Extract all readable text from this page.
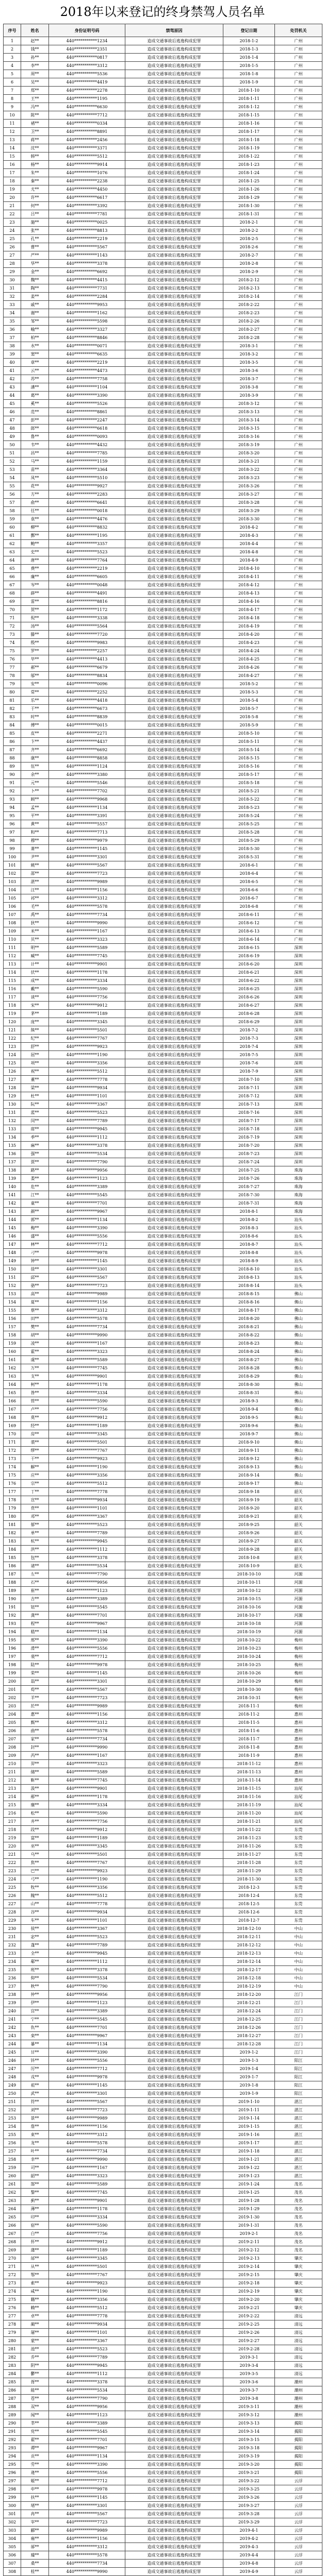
2018年以来登记的终身禁驾人员名单
序号	姓名	身份证明号码	禁驾原因	登记日期	处罚机关
1	赵**	440***********1234	造成交通事故后逃逸构成犯罪	2018-1-2	广州
2	钱**	440***********2351	造成交通事故后逃逸构成犯罪	2018-1-3	广州
3	孙**	440***********0817	造成交通事故后逃逸构成犯罪	2018-1-4	广州
4	李**	440***********3312	造成交通事故后逃逸构成犯罪	2018-1-5	广州
5	周**	440***********5536	造成交通事故后逃逸构成犯罪	2018-1-8	广州
6	吴**	440***********4419	造成交通事故后逃逸构成犯罪	2018-1-9	广州
7	郑**	440***********2278	造成交通事故后逃逸构成犯罪	2018-1-10	广州
8	王**	440***********1195	造成交通事故后逃逸构成犯罪	2018-1-11	广州
9	冯**	440***********6630	造成交通事故后逃逸构成犯罪	2018-1-12	广州
10	陈**	440***********7712	造成交通事故后逃逸构成犯罪	2018-1-15	广州
11	褚**	440***********0334	造成交通事故后逃逸构成犯罪	2018-1-16	广州
12	卫**	440***********8891	造成交通事故后逃逸构成犯罪	2018-1-17	广州
13	蒋**	440***********2456	造成交通事故后逃逸构成犯罪	2018-1-18	广州
14	沈**	440***********3371	造成交通事故后逃逸构成犯罪	2018-1-19	广州
15	韩**	440***********5512	造成交通事故后逃逸构成犯罪	2018-1-22	广州
16	杨**	440***********9914	造成交通事故后逃逸构成犯罪	2018-1-23	广州
17	朱**	440***********1076	造成交通事故后逃逸构成犯罪	2018-1-24	广州
18	秦**	440***********2238	造成交通事故后逃逸构成犯罪	2018-1-25	广州
19	尤**	440***********4450	造成交通事故后逃逸构成犯罪	2018-1-26	广州
20	许**	440***********6617	造成交通事故后逃逸构成犯罪	2018-1-29	广州
21	何**	440***********3392	造成交通事故后逃逸构成犯罪	2018-1-30	广州
22	吕**	440***********7781	造成交通事故后逃逸构成犯罪	2018-1-31	广州
23	施**	440***********0025	造成交通事故后逃逸构成犯罪	2018-2-1	广州
24	张**	440***********8813	造成交通事故后逃逸构成犯罪	2018-2-2	广州
25	孔**	440***********2219	造成交通事故后逃逸构成犯罪	2018-2-5	广州
26	曹**	440***********5567	造成交通事故后逃逸构成犯罪	2018-2-6	广州
27	严**	440***********1143	造成交通事故后逃逸构成犯罪	2018-2-7	广州
28	华**	440***********3378	造成交通事故后逃逸构成犯罪	2018-2-8	广州
29	金**	440***********6692	造成交通事故后逃逸构成犯罪	2018-2-9	广州
30	魏**	440***********4415	造成交通事故后逃逸构成犯罪	2018-2-12	广州
31	陶**	440***********7731	造成交通事故后逃逸构成犯罪	2018-2-13	广州
32	姜**	440***********2284	造成交通事故后逃逸构成犯罪	2018-2-14	广州
33	戚**	440***********9953	造成交通事故后逃逸构成犯罪	2018-2-22	广州
34	谢**	440***********1162	造成交通事故后逃逸构成犯罪	2018-2-23	广州
35	邹**	440***********5598	造成交通事故后逃逸构成犯罪	2018-2-26	广州
36	喻**	440***********3327	造成交通事故后逃逸构成犯罪	2018-2-27	广州
37	柏**	440***********8846	造成交通事故后逃逸构成犯罪	2018-2-28	广州
38	水**	440***********0071	造成交通事故后逃逸构成犯罪	2018-3-1	广州
39	窦**	440***********6635	造成交通事故后逃逸构成犯罪	2018-3-2	广州
40	章**	440***********2219	造成交通事故后逃逸构成犯罪	2018-3-5	广州
41	云**	440***********4473	造成交通事故后逃逸构成犯罪	2018-3-6	广州
42	苏**	440***********7758	造成交通事故后逃逸构成犯罪	2018-3-7	广州
43	潘**	440***********1104	造成交通事故后逃逸构成犯罪	2018-3-8	广州
44	葛**	440***********3390	造成交通事故后逃逸构成犯罪	2018-3-9	广州
45	奚**	440***********5526	造成交通事故后逃逸构成犯罪	2018-3-12	广州
46	范**	440***********8861	造成交通事故后逃逸构成犯罪	2018-3-13	广州
47	彭**	440***********2247	造成交通事故后逃逸构成犯罪	2018-3-14	广州
48	郎**	440***********6618	造成交通事故后逃逸构成犯罪	2018-3-15	广州
49	鲁**	440***********0093	造成交通事故后逃逸构成犯罪	2018-3-16	广州
50	韦**	440***********4432	造成交通事故后逃逸构成犯罪	2018-3-19	广州
51	昌**	440***********7785	造成交通事故后逃逸构成犯罪	2018-3-20	广州
52	马**	440***********1159	造成交通事故后逃逸构成犯罪	2018-3-21	广州
53	苗**	440***********3364	造成交通事故后逃逸构成犯罪	2018-3-22	广州
54	凤**	440***********5510	造成交通事故后逃逸构成犯罪	2018-3-23	广州
55	花**	440***********9927	造成交通事故后逃逸构成犯罪	2018-3-26	广州
56	方**	440***********2283	造成交通事故后逃逸构成犯罪	2018-3-27	广州
57	俞**	440***********6641	造成交通事故后逃逸构成犯罪	2018-3-28	广州
58	任**	440***********0018	造成交通事故后逃逸构成犯罪	2018-3-29	广州
59	袁**	440***********4476	造成交通事故后逃逸构成犯罪	2018-3-30	广州
60	柳**	440***********8832	造成交通事故后逃逸构成犯罪	2018-4-2	广州
61	酆**	440***********1195	造成交通事故后逃逸构成犯罪	2018-4-3	广州
62	鲍**	440***********3357	造成交通事故后逃逸构成犯罪	2018-4-4	广州
63	史**	440***********5523	造成交通事故后逃逸构成犯罪	2018-4-8	广州
64	唐**	440***********7764	造成交通事故后逃逸构成犯罪	2018-4-9	广州
65	费**	440***********2219	造成交通事故后逃逸构成犯罪	2018-4-10	广州
66	廉**	440***********6605	造成交通事故后逃逸构成犯罪	2018-4-11	广州
67	岑**	440***********0048	造成交通事故后逃逸构成犯罪	2018-4-12	广州
68	薛**	440***********4491	造成交通事故后逃逸构成犯罪	2018-4-13	广州
69	雷**	440***********8816	造成交通事故后逃逸构成犯罪	2018-4-16	广州
70	贺**	440***********1172	造成交通事故后逃逸构成犯罪	2018-4-17	广州
71	倪**	440***********3338	造成交通事故后逃逸构成犯罪	2018-4-18	广州
72	汤**	440***********5564	造成交通事故后逃逸构成犯罪	2018-4-19	广州
73	滕**	440***********7720	造成交通事故后逃逸构成犯罪	2018-4-20	广州
74	殷**	440***********9983	造成交通事故后逃逸构成犯罪	2018-4-23	广州
75	罗**	440***********2257	造成交通事故后逃逸构成犯罪	2018-4-24	广州
76	毕**	440***********4413	造成交通事故后逃逸构成犯罪	2018-4-25	广州
77	郝**	440***********6679	造成交通事故后逃逸构成犯罪	2018-4-26	广州
78	邬**	440***********8834	造成交通事故后逃逸构成犯罪	2018-4-27	广州
79	安**	440***********0096	造成交通事故后逃逸构成犯罪	2018-5-2	广州
80	常**	440***********2252	造成交通事故后逃逸构成犯罪	2018-5-3	广州
81	乐**	440***********4418	造成交通事故后逃逸构成犯罪	2018-5-4	广州
82	于**	440***********6673	造成交通事故后逃逸构成犯罪	2018-5-7	广州
83	时**	440***********8839	造成交通事故后逃逸构成犯罪	2018-5-8	广州
84	傅**	440***********0015	造成交通事故后逃逸构成犯罪	2018-5-9	广州
85	皮**	440***********2271	造成交通事故后逃逸构成犯罪	2018-5-10	广州
86	卞**	440***********4437	造成交通事故后逃逸构成犯罪	2018-5-11	广州
87	齐**	440***********6692	造成交通事故后逃逸构成犯罪	2018-5-14	广州
88	康**	440***********8858	造成交通事故后逃逸构成犯罪	2018-5-15	广州
89	伍**	440***********1124	造成交通事故后逃逸构成犯罪	2018-5-16	广州
90	余**	440***********3380	造成交通事故后逃逸构成犯罪	2018-5-17	广州
91	元**	440***********5546	造成交通事故后逃逸构成犯罪	2018-5-18	广州
92	卜**	440***********7702	造成交通事故后逃逸构成犯罪	2018-5-21	广州
93	顾**	440***********9968	造成交通事故后逃逸构成犯罪	2018-5-22	广州
94	孟**	440***********1134	造成交通事故后逃逸构成犯罪	2018-5-23	广州
95	平**	440***********3391	造成交通事故后逃逸构成犯罪	2018-5-24	广州
96	黄**	440***********5557	造成交通事故后逃逸构成犯罪	2018-5-25	广州
97	和**	440***********7713	造成交通事故后逃逸构成犯罪	2018-5-28	广州
98	穆**	440***********9979	造成交通事故后逃逸构成犯罪	2018-5-29	广州
99	萧**	440***********1145	造成交通事故后逃逸构成犯罪	2018-5-30	广州
100	尹**	440***********3301	造成交通事故后逃逸构成犯罪	2018-5-31	广州
101	姚**	440***********5567	造成交通事故后逃逸构成犯罪	2018-6-1	广州
102	邵**	440***********7723	造成交通事故后逃逸构成犯罪	2018-6-4	广州
103	湛**	440***********9989	造成交通事故后逃逸构成犯罪	2018-6-5	广州
104	汪**	440***********1156	造成交通事故后逃逸构成犯罪	2018-6-6	广州
105	祁**	440***********3312	造成交通事故后逃逸构成犯罪	2018-6-7	广州
106	毛**	440***********5578	造成交通事故后逃逸构成犯罪	2018-6-8	广州
107	禹**	440***********7734	造成交通事故后逃逸构成犯罪	2018-6-11	广州
108	狄**	440***********9990	造成交通事故后逃逸构成犯罪	2018-6-12	广州
109	米**	440***********1167	造成交通事故后逃逸构成犯罪	2018-6-13	广州
110	贝**	440***********3323	造成交通事故后逃逸构成犯罪	2018-6-14	广州
111	明**	440***********5589	造成交通事故后逃逸构成犯罪	2018-6-15	深圳
112	臧**	440***********7745	造成交通事故后逃逸构成犯罪	2018-6-19	深圳
113	计**	440***********9901	造成交通事故后逃逸构成犯罪	2018-6-20	深圳
114	伏**	440***********1178	造成交通事故后逃逸构成犯罪	2018-6-21	深圳
115	成**	440***********3334	造成交通事故后逃逸构成犯罪	2018-6-22	深圳
116	戴**	440***********5590	造成交通事故后逃逸构成犯罪	2018-6-25	深圳
117	谈**	440***********7756	造成交通事故后逃逸构成犯罪	2018-6-26	深圳
118	宋**	440***********9912	造成交通事故后逃逸构成犯罪	2018-6-27	深圳
119	茅**	440***********1189	造成交通事故后逃逸构成犯罪	2018-6-28	深圳
120	庞**	440***********3345	造成交通事故后逃逸构成犯罪	2018-6-29	深圳
121	熊**	440***********5501	造成交通事故后逃逸构成犯罪	2018-7-2	深圳
122	纪**	440***********7767	造成交通事故后逃逸构成犯罪	2018-7-3	深圳
123	舒**	440***********9923	造成交通事故后逃逸构成犯罪	2018-7-4	深圳
124	屈**	440***********1190	造成交通事故后逃逸构成犯罪	2018-7-5	深圳
125	项**	440***********3356	造成交通事故后逃逸构成犯罪	2018-7-6	深圳
126	祝**	440***********5512	造成交通事故后逃逸构成犯罪	2018-7-9	深圳
127	董**	440***********7778	造成交通事故后逃逸构成犯罪	2018-7-10	深圳
128	梁**	440***********9934	造成交通事故后逃逸构成犯罪	2018-7-11	深圳
129	杜**	440***********1101	造成交通事故后逃逸构成犯罪	2018-7-12	深圳
130	阮**	440***********3367	造成交通事故后逃逸构成犯罪	2018-7-13	深圳
131	蓝**	440***********5523	造成交通事故后逃逸构成犯罪	2018-7-16	深圳
132	闵**	440***********7789	造成交通事故后逃逸构成犯罪	2018-7-17	深圳
133	席**	440***********9945	造成交通事故后逃逸构成犯罪	2018-7-18	深圳
134	季**	440***********1112	造成交通事故后逃逸构成犯罪	2018-7-19	深圳
135	麻**	440***********3378	造成交通事故后逃逸构成犯罪	2018-7-20	深圳
136	强**	440***********5534	造成交通事故后逃逸构成犯罪	2018-7-23	深圳
137	贾**	440***********7790	造成交通事故后逃逸构成犯罪	2018-7-24	深圳
138	路**	440***********9956	造成交通事故后逃逸构成犯罪	2018-7-25	珠海
139	娄**	440***********1123	造成交通事故后逃逸构成犯罪	2018-7-26	珠海
140	危**	440***********3389	造成交通事故后逃逸构成犯罪	2018-7-27	珠海
141	江**	440***********5545	造成交通事故后逃逸构成犯罪	2018-7-30	珠海
142	童**	440***********7701	造成交通事故后逃逸构成犯罪	2018-7-31	珠海
143	颜**	440***********9967	造成交通事故后逃逸构成犯罪	2018-8-1	珠海
144	郭**	440***********1134	造成交通事故后逃逸构成犯罪	2018-8-2	汕头
145	梅**	440***********3390	造成交通事故后逃逸构成犯罪	2018-8-3	汕头
146	盛**	440***********5556	造成交通事故后逃逸构成犯罪	2018-8-6	汕头
147	林**	440***********7712	造成交通事故后逃逸构成犯罪	2018-8-7	汕头
148	刁**	440***********9978	造成交通事故后逃逸构成犯罪	2018-8-8	汕头
149	钟**	440***********1145	造成交通事故后逃逸构成犯罪	2018-8-9	汕头
150	徐**	440***********3301	造成交通事故后逃逸构成犯罪	2018-8-10	汕头
151	邱**	440***********5567	造成交通事故后逃逸构成犯罪	2018-8-13	汕头
152	骆**	440***********7723	造成交通事故后逃逸构成犯罪	2018-8-14	汕头
153	高**	440***********9989	造成交通事故后逃逸构成犯罪	2018-8-15	佛山
154	夏**	440***********1156	造成交通事故后逃逸构成犯罪	2018-8-16	佛山
155	蔡**	440***********3312	造成交通事故后逃逸构成犯罪	2018-8-17	佛山
156	田**	440***********5578	造成交通事故后逃逸构成犯罪	2018-8-20	佛山
157	樊**	440***********7734	造成交通事故后逃逸构成犯罪	2018-8-21	佛山
158	胡**	440***********9990	造成交通事故后逃逸构成犯罪	2018-8-22	佛山
159	凌**	440***********1167	造成交通事故后逃逸构成犯罪	2018-8-23	佛山
160	霍**	440***********3323	造成交通事故后逃逸构成犯罪	2018-8-24	佛山
161	虞**	440***********5589	造成交通事故后逃逸构成犯罪	2018-8-27	佛山
162	万**	440***********7745	造成交通事故后逃逸构成犯罪	2018-8-28	佛山
163	支**	440***********9901	造成交通事故后逃逸构成犯罪	2018-8-29	佛山
164	柯**	440***********1178	造成交通事故后逃逸构成犯罪	2018-8-30	佛山
165	昝**	440***********3334	造成交通事故后逃逸构成犯罪	2018-8-31	佛山
166	管**	440***********5590	造成交通事故后逃逸构成犯罪	2018-9-3	佛山
167	卢**	440***********7756	造成交通事故后逃逸构成犯罪	2018-9-4	佛山
168	莫**	440***********9912	造成交通事故后逃逸构成犯罪	2018-9-5	佛山
169	经**	440***********1189	造成交通事故后逃逸构成犯罪	2018-9-6	佛山
170	房**	440***********3345	造成交通事故后逃逸构成犯罪	2018-9-7	佛山
171	裘**	440***********5501	造成交通事故后逃逸构成犯罪	2018-9-10	佛山
172	缪**	440***********7767	造成交通事故后逃逸构成犯罪	2018-9-11	佛山
173	干**	440***********9923	造成交通事故后逃逸构成犯罪	2018-9-12	佛山
174	解**	440***********1190	造成交通事故后逃逸构成犯罪	2018-9-13	佛山
175	应**	440***********3356	造成交通事故后逃逸构成犯罪	2018-9-14	佛山
176	宗**	440***********5512	造成交通事故后逃逸构成犯罪	2018-9-17	佛山
177	丁**	440***********7778	造成交通事故后逃逸构成犯罪	2018-9-18	韶关
178	宣**	440***********9934	造成交通事故后逃逸构成犯罪	2018-9-19	韶关
179	贲**	440***********1101	造成交通事故后逃逸构成犯罪	2018-9-20	韶关
180	邓**	440***********3367	造成交通事故后逃逸构成犯罪	2018-9-21	韶关
181	郁**	440***********5523	造成交通事故后逃逸构成犯罪	2018-9-25	韶关
182	单**	440***********7789	造成交通事故后逃逸构成犯罪	2018-9-26	韶关
183	杭**	440***********9945	造成交通事故后逃逸构成犯罪	2018-9-27	韶关
184	洪**	440***********1112	造成交通事故后逃逸构成犯罪	2018-9-28	韶关
185	包**	440***********3378	造成交通事故后逃逸构成犯罪	2018-10-8	韶关
186	诸**	440***********5534	造成交通事故后逃逸构成犯罪	2018-10-9	韶关
187	左**	440***********7790	造成交通事故后逃逸构成犯罪	2018-10-10	河源
188	石**	440***********9956	造成交通事故后逃逸构成犯罪	2018-10-11	河源
189	崔**	440***********1123	造成交通事故后逃逸构成犯罪	2018-10-12	河源
190	吉**	440***********3389	造成交通事故后逃逸构成犯罪	2018-10-15	河源
191	钮**	440***********5545	造成交通事故后逃逸构成犯罪	2018-10-16	河源
192	龚**	440***********7701	造成交通事故后逃逸构成犯罪	2018-10-17	河源
193	程**	440***********9967	造成交通事故后逃逸构成犯罪	2018-10-18	河源
194	嵇**	440***********1134	造成交通事故后逃逸构成犯罪	2018-10-19	河源
195	邢**	440***********3390	造成交通事故后逃逸构成犯罪	2018-10-22	梅州
196	滑**	440***********5556	造成交通事故后逃逸构成犯罪	2018-10-23	梅州
197	裴**	440***********7712	造成交通事故后逃逸构成犯罪	2018-10-24	梅州
198	陆**	440***********9978	造成交通事故后逃逸构成犯罪	2018-10-25	梅州
199	荣**	440***********1145	造成交通事故后逃逸构成犯罪	2018-10-26	梅州
200	翁**	440***********3301	造成交通事故后逃逸构成犯罪	2018-10-29	梅州
201	荀**	440***********5567	造成交通事故后逃逸构成犯罪	2018-10-30	梅州
202	羊**	440***********7723	造成交通事故后逃逸构成犯罪	2018-10-31	梅州
203	於**	440***********9989	造成交通事故后逃逸构成犯罪	2018-11-1	梅州
204	惠**	440***********1156	造成交通事故后逃逸构成犯罪	2018-11-2	惠州
205	甄**	440***********3312	造成交通事故后逃逸构成犯罪	2018-11-5	惠州
206	曲**	440***********5578	造成交通事故后逃逸构成犯罪	2018-11-6	惠州
207	家**	440***********7734	造成交通事故后逃逸构成犯罪	2018-11-7	惠州
208	封**	440***********9990	造成交通事故后逃逸构成犯罪	2018-11-8	惠州
209	芮**	440***********1167	造成交通事故后逃逸构成犯罪	2018-11-9	惠州
210	羿**	440***********3323	造成交通事故后逃逸构成犯罪	2018-11-12	惠州
211	储**	440***********5589	造成交通事故后逃逸构成犯罪	2018-11-13	惠州
212	靳**	440***********7745	造成交通事故后逃逸构成犯罪	2018-11-14	惠州
213	汲**	440***********9901	造成交通事故后逃逸构成犯罪	2018-11-15	汕尾
214	邴**	440***********1178	造成交通事故后逃逸构成犯罪	2018-11-16	汕尾
215	糜**	440***********3334	造成交通事故后逃逸构成犯罪	2018-11-19	汕尾
216	松**	440***********5590	造成交通事故后逃逸构成犯罪	2018-11-20	汕尾
217	井**	440***********7756	造成交通事故后逃逸构成犯罪	2018-11-21	汕尾
218	段**	440***********9912	造成交通事故后逃逸构成犯罪	2018-11-22	东莞
219	富**	440***********1189	造成交通事故后逃逸构成犯罪	2018-11-23	东莞
220	巫**	440***********3345	造成交通事故后逃逸构成犯罪	2018-11-26	东莞
221	乌**	440***********5501	造成交通事故后逃逸构成犯罪	2018-11-27	东莞
222	焦**	440***********7767	造成交通事故后逃逸构成犯罪	2018-11-28	东莞
223	巴**	440***********9923	造成交通事故后逃逸构成犯罪	2018-11-29	东莞
224	弓**	440***********1190	造成交通事故后逃逸构成犯罪	2018-11-30	东莞
225	牧**	440***********3356	造成交通事故后逃逸构成犯罪	2018-12-3	东莞
226	隗**	440***********5512	造成交通事故后逃逸构成犯罪	2018-12-4	东莞
227	山**	440***********7778	造成交通事故后逃逸构成犯罪	2018-12-5	东莞
228	谷**	440***********9934	造成交通事故后逃逸构成犯罪	2018-12-6	东莞
229	车**	440***********1101	造成交通事故后逃逸构成犯罪	2018-12-7	东莞
230	侯**	440***********3367	造成交通事故后逃逸构成犯罪	2018-12-10	中山
231	宓**	440***********5523	造成交通事故后逃逸构成犯罪	2018-12-11	中山
232	蓬**	440***********7789	造成交通事故后逃逸构成犯罪	2018-12-12	中山
233	全**	440***********9945	造成交通事故后逃逸构成犯罪	2018-12-13	中山
234	郗**	440***********1112	造成交通事故后逃逸构成犯罪	2018-12-14	中山
235	班**	440***********3378	造成交通事故后逃逸构成犯罪	2018-12-17	中山
236	仰**	440***********5534	造成交通事故后逃逸构成犯罪	2018-12-18	中山
237	秋**	440***********7790	造成交通事故后逃逸构成犯罪	2018-12-19	中山
238	仲**	440***********9956	造成交通事故后逃逸构成犯罪	2018-12-20	江门
239	伊**	440***********1123	造成交通事故后逃逸构成犯罪	2018-12-21	江门
240	宫**	440***********3389	造成交通事故后逃逸构成犯罪	2018-12-24	江门
241	宁**	440***********5545	造成交通事故后逃逸构成犯罪	2018-12-25	江门
242	仇**	440***********7701	造成交通事故后逃逸构成犯罪	2018-12-26	江门
243	栾**	440***********9967	造成交通事故后逃逸构成犯罪	2018-12-27	江门
244	暴**	440***********1134	造成交通事故后逃逸构成犯罪	2018-12-28	江门
245	甘**	440***********3390	造成交通事故后逃逸构成犯罪	2019-1-2	江门
246	钭**	440***********5556	造成交通事故后逃逸构成犯罪	2019-1-3	阳江
247	厉**	440***********7712	造成交通事故后逃逸构成犯罪	2019-1-4	阳江
248	戎**	440***********9978	造成交通事故后逃逸构成犯罪	2019-1-7	阳江
249	祖**	440***********1145	造成交通事故后逃逸构成犯罪	2019-1-8	阳江
250	武**	440***********3301	造成交通事故后逃逸构成犯罪	2019-1-9	阳江
251	符**	440***********5567	造成交通事故后逃逸构成犯罪	2019-1-10	湛江
252	刘**	440***********7723	造成交通事故后逃逸构成犯罪	2019-1-11	湛江
253	景**	440***********9989	造成交通事故后逃逸构成犯罪	2019-1-14	湛江
254	詹**	440***********1156	造成交通事故后逃逸构成犯罪	2019-1-15	湛江
255	束**	440***********3312	造成交通事故后逃逸构成犯罪	2019-1-16	湛江
256	龙**	440***********5578	造成交通事故后逃逸构成犯罪	2019-1-17	湛江
257	叶**	440***********7734	造成交通事故后逃逸构成犯罪	2019-1-18	湛江
258	幸**	440***********9990	造成交通事故后逃逸构成犯罪	2019-1-21	湛江
259	司**	440***********1167	造成交通事故后逃逸构成犯罪	2019-1-22	湛江
260	韶**	440***********3323	造成交通事故后逃逸构成犯罪	2019-1-23	湛江
261	郜**	440***********5589	造成交通事故后逃逸构成犯罪	2019-1-24	茂名
262	黎**	440***********7745	造成交通事故后逃逸构成犯罪	2019-1-25	茂名
263	蓟**	440***********9901	造成交通事故后逃逸构成犯罪	2019-1-28	茂名
264	薄**	440***********1178	造成交通事故后逃逸构成犯罪	2019-1-29	茂名
265	印**	440***********3334	造成交通事故后逃逸构成犯罪	2019-1-30	茂名
266	宿**	440***********5590	造成交通事故后逃逸构成犯罪	2019-1-31	茂名
267	白**	440***********7756	造成交通事故后逃逸构成犯罪	2019-2-1	茂名
268	怀**	440***********9912	造成交通事故后逃逸构成犯罪	2019-2-11	茂名
269	蒲**	440***********1189	造成交通事故后逃逸构成犯罪	2019-2-12	茂名
270	邰**	440***********3345	造成交通事故后逃逸构成犯罪	2019-2-13	肇庆
271	从**	440***********5501	造成交通事故后逃逸构成犯罪	2019-2-14	肇庆
272	鄂**	440***********7767	造成交通事故后逃逸构成犯罪	2019-2-15	肇庆
273	索**	440***********9923	造成交通事故后逃逸构成犯罪	2019-2-18	肇庆
274	咸**	440***********1190	造成交通事故后逃逸构成犯罪	2019-2-19	肇庆
275	籍**	440***********3356	造成交通事故后逃逸构成犯罪	2019-2-20	肇庆
276	赖**	440***********5512	造成交通事故后逃逸构成犯罪	2019-2-21	肇庆
277	卓**	440***********7778	造成交通事故后逃逸构成犯罪	2019-2-22	清远
278	蔺**	440***********9934	造成交通事故后逃逸构成犯罪	2019-2-25	清远
279	屠**	440***********1101	造成交通事故后逃逸构成犯罪	2019-2-26	清远
280	蒙**	440***********3367	造成交通事故后逃逸构成犯罪	2019-2-27	清远
281	池**	440***********5523	造成交通事故后逃逸构成犯罪	2019-2-28	清远
282	乔**	440***********7789	造成交通事故后逃逸构成犯罪	2019-3-1	清远
283	阴**	440***********9945	造成交通事故后逃逸构成犯罪	2019-3-4	清远
284	鬱**	440***********1112	造成交通事故后逃逸构成犯罪	2019-3-5	清远
285	胥**	440***********3378	造成交通事故后逃逸构成犯罪	2019-3-6	潮州
286	能**	440***********5534	造成交通事故后逃逸构成犯罪	2019-3-7	潮州
287	苍**	440***********7790	造成交通事故后逃逸构成犯罪	2019-3-8	潮州
288	双**	440***********9956	造成交通事故后逃逸构成犯罪	2019-3-11	潮州
289	闻**	440***********1123	造成交通事故后逃逸构成犯罪	2019-3-12	潮州
290	莘**	440***********3389	造成交通事故后逃逸构成犯罪	2019-3-13	揭阳
291	党**	440***********5545	造成交通事故后逃逸构成犯罪	2019-3-14	揭阳
292	翟**	440***********7701	造成交通事故后逃逸构成犯罪	2019-3-15	揭阳
293	谭**	440***********9967	造成交通事故后逃逸构成犯罪	2019-3-18	揭阳
294	贡**	440***********1134	造成交通事故后逃逸构成犯罪	2019-3-19	揭阳
295	劳**	440***********3390	造成交通事故后逃逸构成犯罪	2019-3-20	揭阳
296	逄**	440***********5556	造成交通事故后逃逸构成犯罪	2019-3-21	揭阳
297	姬**	440***********7712	造成交通事故后逃逸构成犯罪	2019-3-22	云浮
298	申**	440***********9978	造成交通事故后逃逸构成犯罪	2019-3-25	云浮
299	扶**	440***********1145	造成交通事故后逃逸构成犯罪	2019-3-26	云浮
300	堵**	440***********3301	造成交通事故后逃逸构成犯罪	2019-3-27	云浮
301	冉**	440***********5567	造成交通事故后逃逸构成犯罪	2019-3-28	云浮
302	宰**	440***********7723	造成交通事故后逃逸构成犯罪	2019-3-29	云浮
303	郦**	440***********9989	造成交通事故后逃逸构成犯罪	2019-4-1	云浮
304	雍**	440***********1156	造成交通事故后逃逸构成犯罪	2019-4-2	云浮
305	郤**	440***********3312	造成交通事故后逃逸构成犯罪	2019-4-3	云浮
306	璩**	440***********5578	造成交通事故后逃逸构成犯罪	2019-4-4	云浮
307	桑**	440***********7734	造成交通事故后逃逸构成犯罪	2019-4-8	云浮
308	桂**	440***********9990	造成交通事故后逃逸构成犯罪	2019-4-9	云浮
